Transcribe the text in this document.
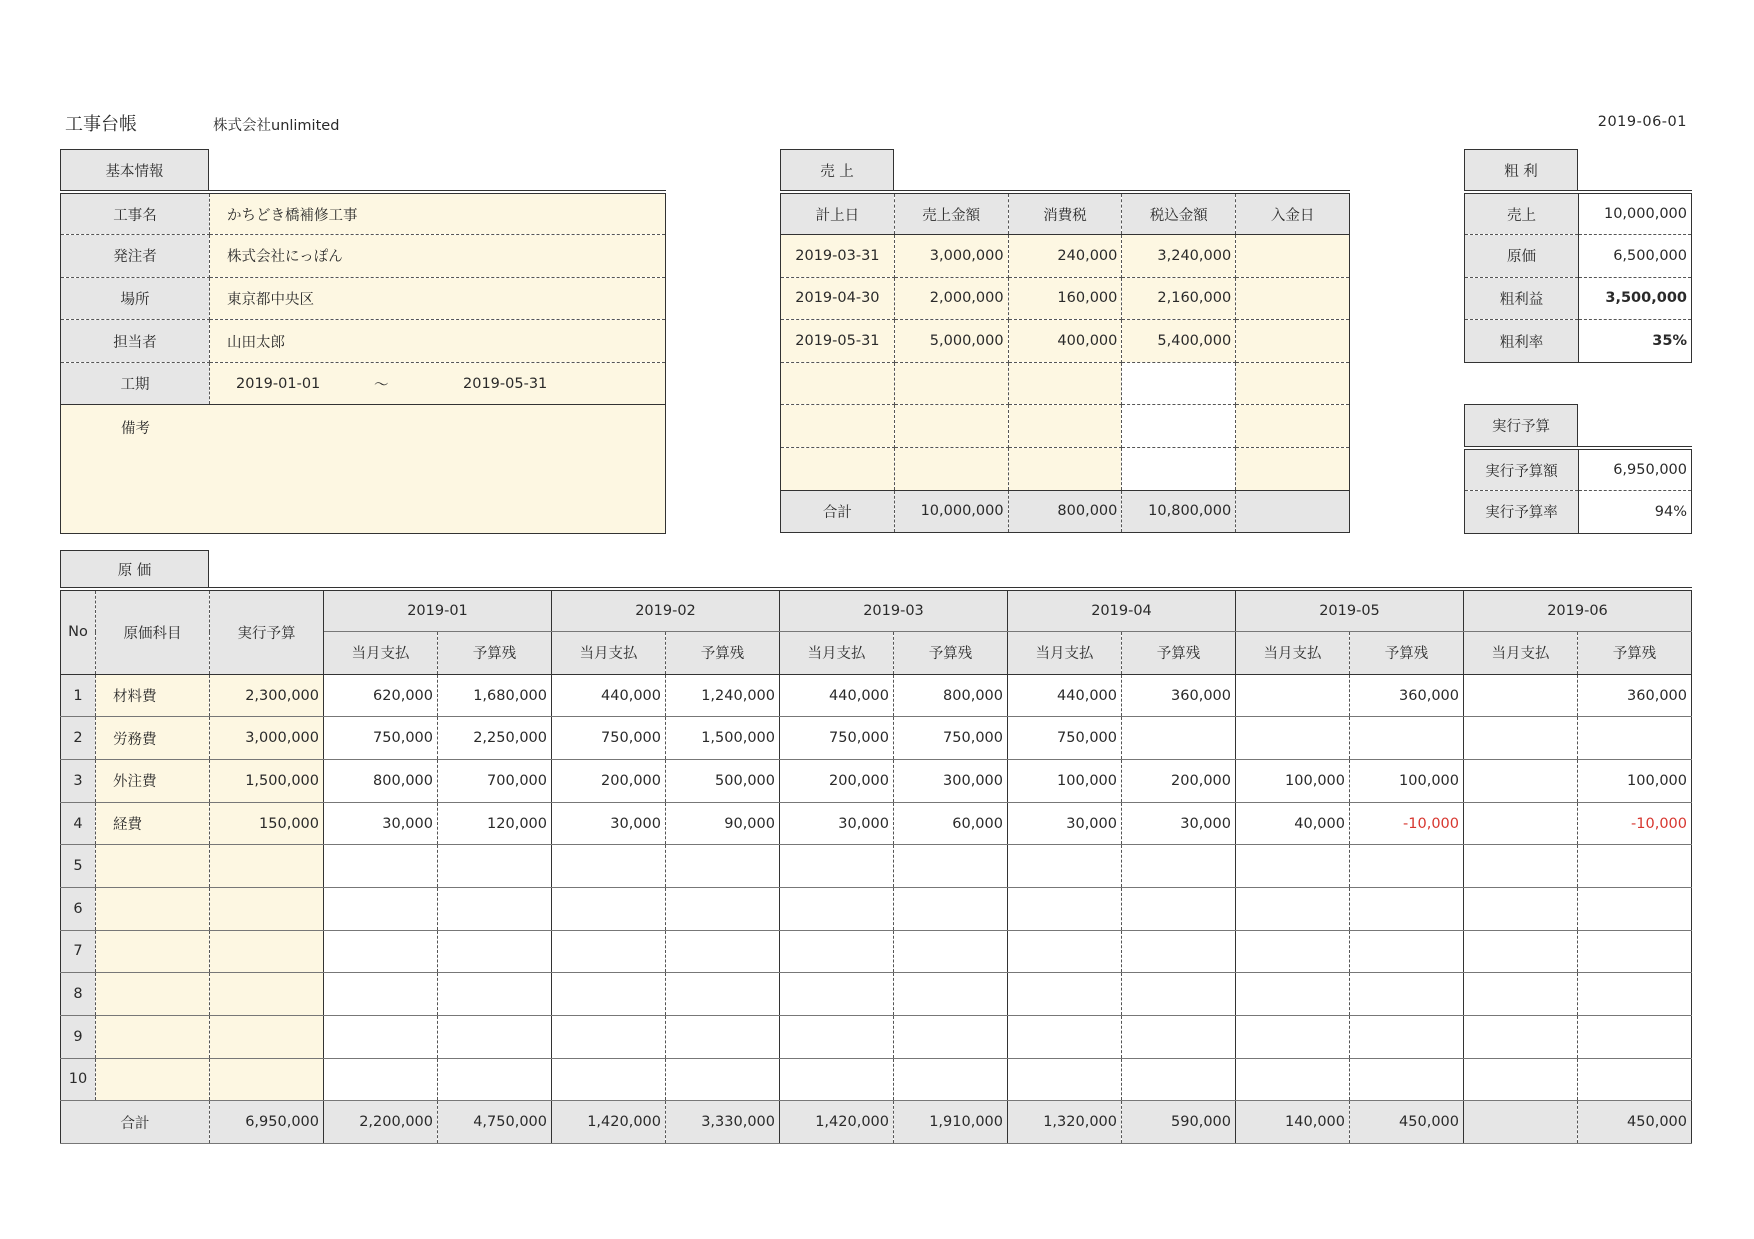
工事台帳	株式会社unlimited	2019-06-01
基本情報
工事名	かちどき橋補修工事
発注者	株式会社にっぽん
場所	東京都中央区
担当者	山田太郎
工期	2019-01-01 〜 2019-05-31

備考	
売 上
計上日	売上金額	消費税	税込金額	入金日
2019-03-31	3,000,000	240,000	3,240,000	
2019-04-30	2,000,000	160,000	2,160,000	
2019-05-31	5,000,000	400,000	5,400,000	

合計	10,000,000	800,000	10,800,000	
粗 利
売上	10,000,000
原価	6,500,000
粗利益	3,500,000
粗利率	35%
実行予算
実行予算額	6,950,000
実行予算率	94%
原 価
No	原価科目	実行予算	2019-01		2019-02		2019-03		2019-04		2019-05		2019-06	
			当月支払	予算残	当月支払	予算残	当月支払	予算残	当月支払	予算残	当月支払	予算残	当月支払	予算残
1	材料費	2,300,000	620,000	1,680,000	440,000	1,240,000	440,000	800,000	440,000	360,000		360,000		360,000
2	労務費	3,000,000	750,000	2,250,000	750,000	1,500,000	750,000	750,000	750,000					
3	外注費	1,500,000	800,000	700,000	200,000	500,000	200,000	300,000	100,000	200,000	100,000	100,000		100,000
4	経費	150,000	30,000	120,000	30,000	90,000	30,000	60,000	30,000	30,000	40,000	-10,000		-10,000
5														
6														
7														
8														
9														
10														
合計		6,950,000	2,200,000	4,750,000	1,420,000	3,330,000	1,420,000	1,910,000	1,320,000	590,000	140,000	450,000		450,000
